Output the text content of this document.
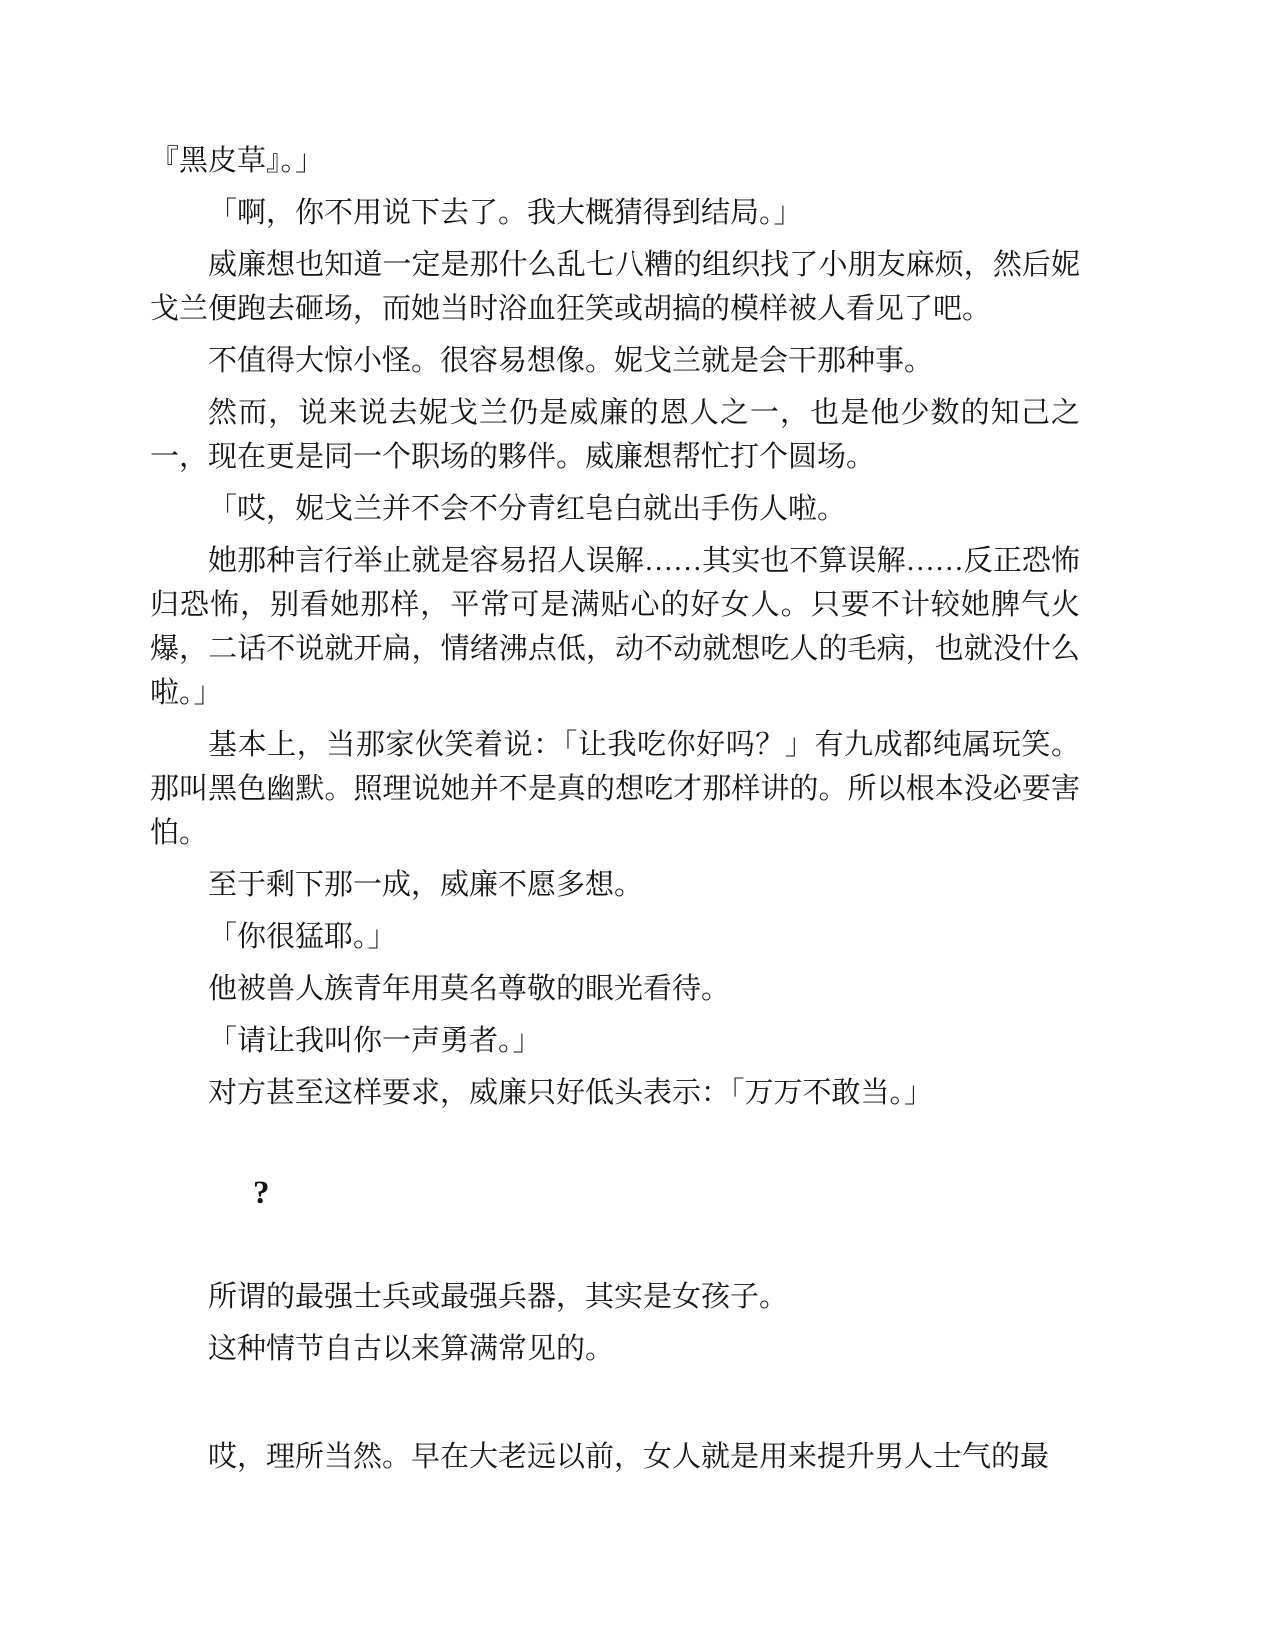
『黑皮草』。」

「啊，你不用说下去了。我大概猜得到结局。」

威廉想也知道一定是那什么乱七八糟的组织找了小朋友麻烦，然后妮戈兰便跑去砸场，而她当时浴血狂笑或胡搞的模样被人看见了吧。

不值得大惊小怪。很容易想像。妮戈兰就是会干那种事。

然而，说来说去妮戈兰仍是威廉的恩人之一，也是他少数的知己之一，现在更是同一个职场的夥伴。威廉想帮忙打个圆场。

「哎，妮戈兰并不会不分青红皂白就出手伤人啦。

她那种言行举止就是容易招人误解……其实也不算误解……反正恐怖归恐怖，别看她那样，平常可是满贴心的好女人。只要不计较她脾气火爆，二话不说就开扁，情绪沸点低，动不动就想吃人的毛病，也就没什么啦。」

基本上，当那家伙笑着说：「让我吃你好吗？」有九成都纯属玩笑。那叫黑色幽默。照理说她并不是真的想吃才那样讲的。所以根本没必要害怕。

至于剩下那一成，威廉不愿多想。

「你很猛耶。」

他被兽人族青年用莫名尊敬的眼光看待。

「请让我叫你一声勇者。」

对方甚至这样要求，威廉只好低头表示：「万万不敢当。」

?

所谓的最强士兵或最强兵器，其实是女孩子。

这种情节自古以来算满常见的。

哎，理所当然。早在大老远以前，女人就是用来提升男人士气的最
